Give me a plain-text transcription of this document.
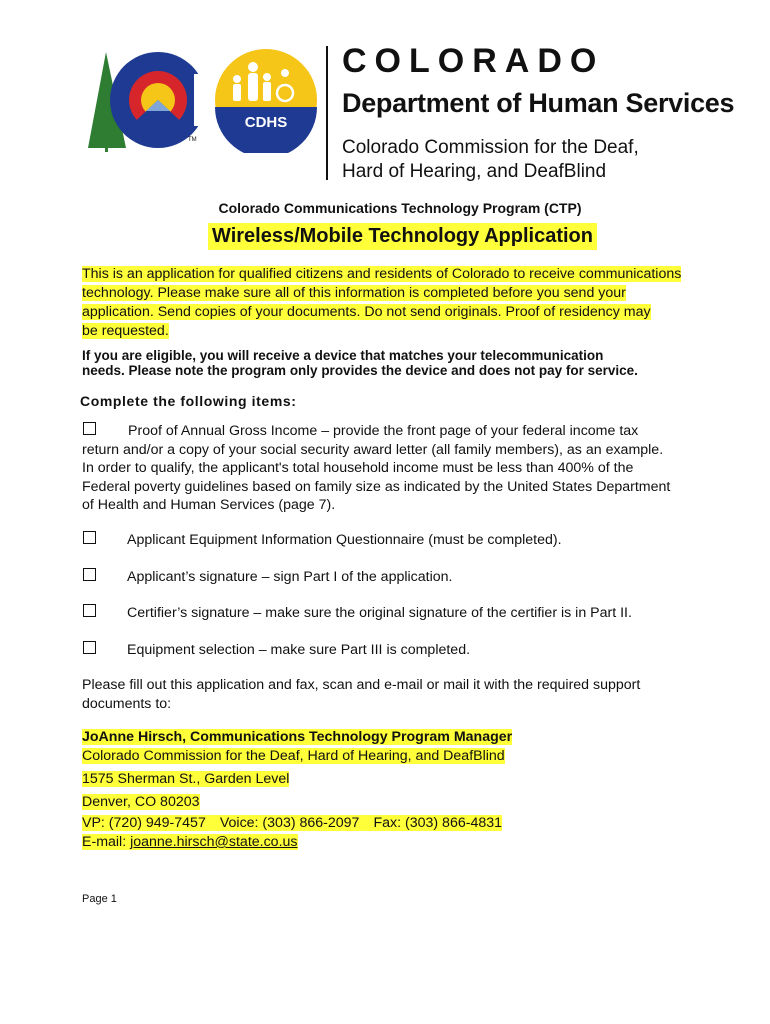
TM
CDHS
COLORADO
Department of Human Services
Colorado Commission for the Deaf,
Hard of Hearing, and DeafBlind
Colorado Communications Technology Program (CTP)
Wireless/Mobile Technology Application
This is an application for qualified citizens and residents of Colorado to receive communications
technology. Please make sure all of this information is completed before you send your
application. Send copies of your documents. Do not send originals. Proof of residency may
be requested.
If you are eligible, you will receive a device that matches your telecommunication
needs. Please note the program only provides the device and does not pay for service.
Complete the following items:
Proof of Annual Gross Income – provide the front page of your federal income tax
return and/or a copy of your social security award letter (all family members), as an example.
In order to qualify, the applicant's total household income must be less than 400% of the
Federal poverty guidelines based on family size as indicated by the United States Department
of Health and Human Services (page 7).
Applicant Equipment Information Questionnaire (must be completed).
Applicant’s signature – sign Part I of the application.
Certifier’s signature – make sure the original signature of the certifier is in Part II.
Equipment selection – make sure Part III is completed.
Please fill out this application and fax, scan and e-mail or mail it with the required support
documents to:
JoAnne Hirsch, Communications Technology Program Manager
Colorado Commission for the Deaf, Hard of Hearing, and DeafBlind
1575 Sherman St., Garden Level
Denver, CO 80203
VP: (720) 949-7457 Voice: (303) 866-2097 Fax: (303) 866-4831
E-mail: joanne.hirsch@state.co.us
Page 1
